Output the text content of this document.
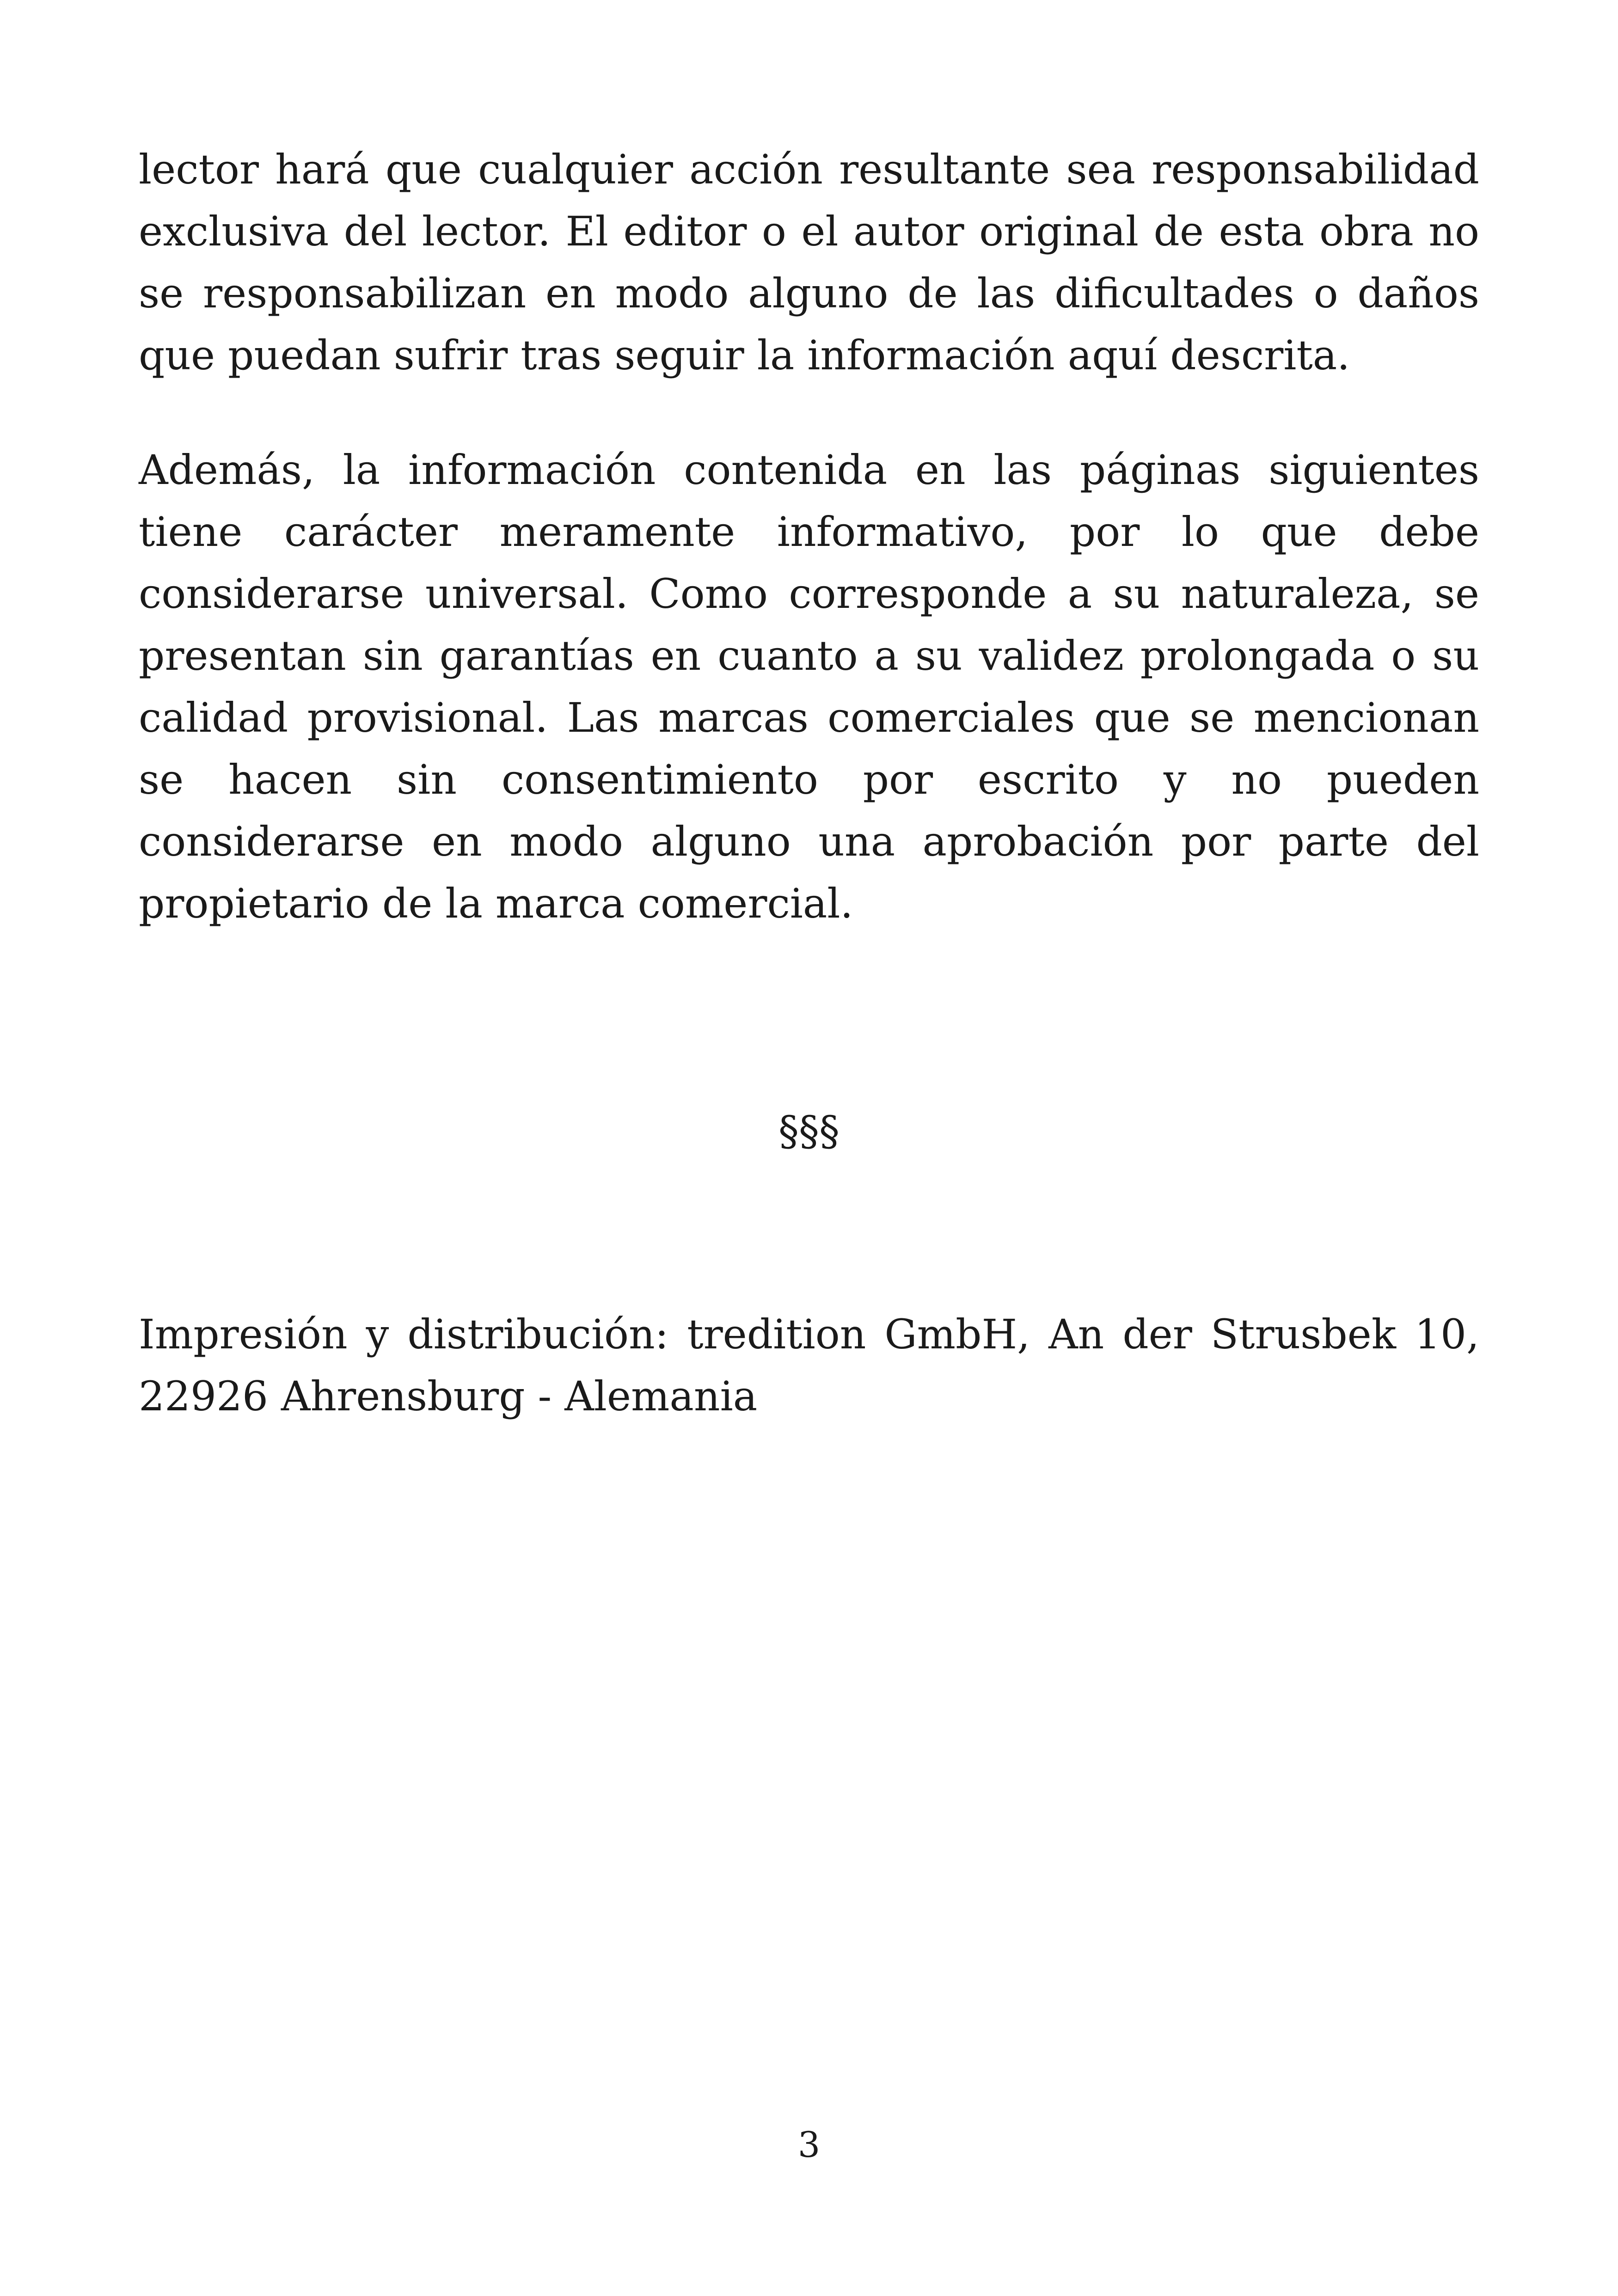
lector hará que cualquier acción resultante sea responsabilidad exclusiva del lector. El editor o el autor original de esta obra no se responsabilizan en modo alguno de las dificultades o daños que puedan sufrir tras seguir la información aquí descrita.

Además, la información contenida en las páginas siguientes tiene carácter meramente informativo, por lo que debe considerarse universal. Como corresponde a su naturaleza, se presentan sin garantías en cuanto a su validez prolongada o su calidad provisional. Las marcas comerciales que se mencionan se hacen sin consentimiento por escrito y no pueden considerarse en modo alguno una aprobación por parte del propietario de la marca comercial.

§§§

Impresión y distribución: tredition GmbH, An der Strusbek 10, 22926 Ahrensburg - Alemania

3
